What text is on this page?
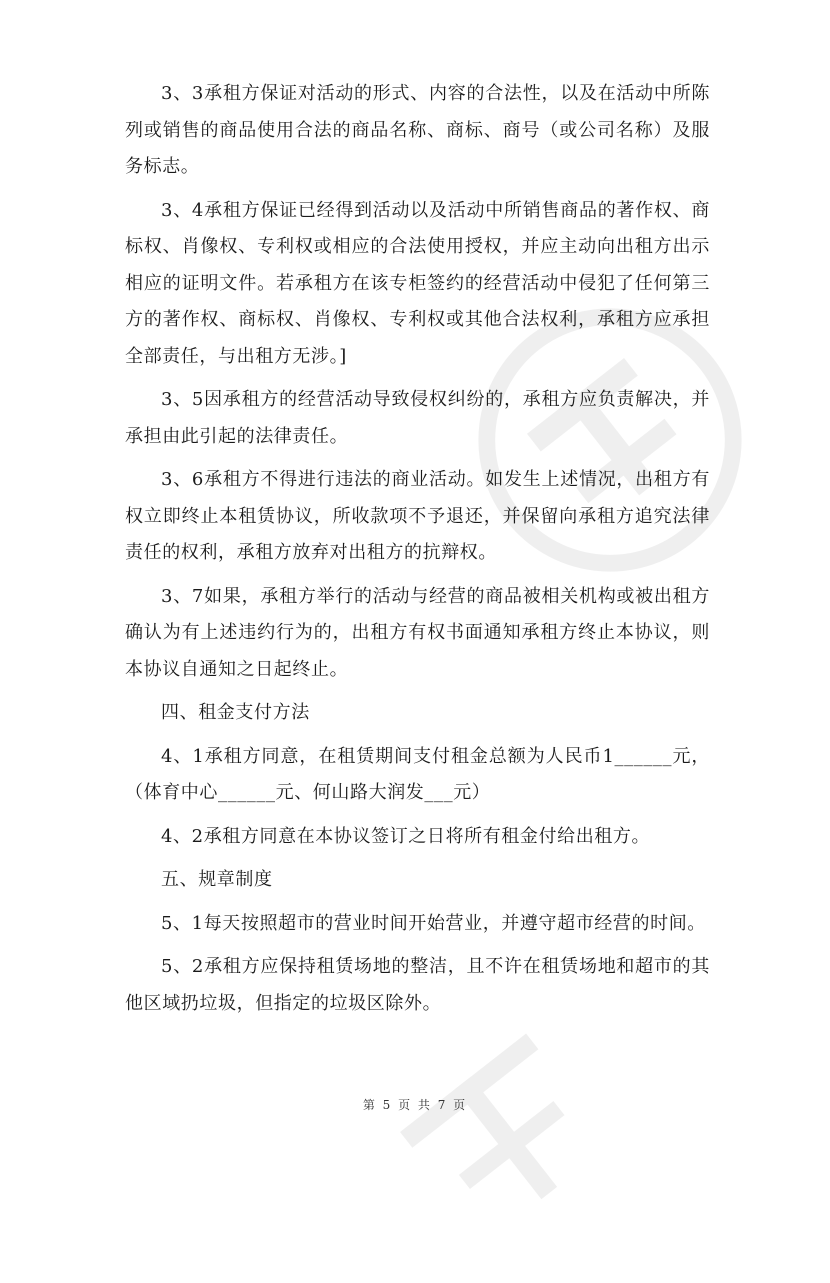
3、3承租方保证对活动的形式、内容的合法性，以及在活动中所陈列或销售的商品使用合法的商品名称、商标、商号（或公司名称）及服务标志。

3、4承租方保证已经得到活动以及活动中所销售商品的著作权、商标权、肖像权、专利权或相应的合法使用授权，并应主动向出租方出示相应的证明文件。若承租方在该专柜签约的经营活动中侵犯了任何第三方的著作权、商标权、肖像权、专利权或其他合法权利，承租方应承担全部责任，与出租方无涉。]

3、5因承租方的经营活动导致侵权纠纷的，承租方应负责解决，并承担由此引起的法律责任。

3、6承租方不得进行违法的商业活动。如发生上述情况，出租方有权立即终止本租赁协议，所收款项不予退还，并保留向承租方追究法律责任的权利，承租方放弃对出租方的抗辩权。

3、7如果，承租方举行的活动与经营的商品被相关机构或被出租方确认为有上述违约行为的，出租方有权书面通知承租方终止本协议，则本协议自通知之日起终止。

四、租金支付方法

4、1承租方同意，在租赁期间支付租金总额为人民币1______元，（体育中心______元、何山路大润发___元）

4、2承租方同意在本协议签订之日将所有租金付给出租方。

五、规章制度

5、1每天按照超市的营业时间开始营业，并遵守超市经营的时间。

5、2承租方应保持租赁场地的整洁，且不许在租赁场地和超市的其他区域扔垃圾，但指定的垃圾区除外。

第 5 页 共 7 页
